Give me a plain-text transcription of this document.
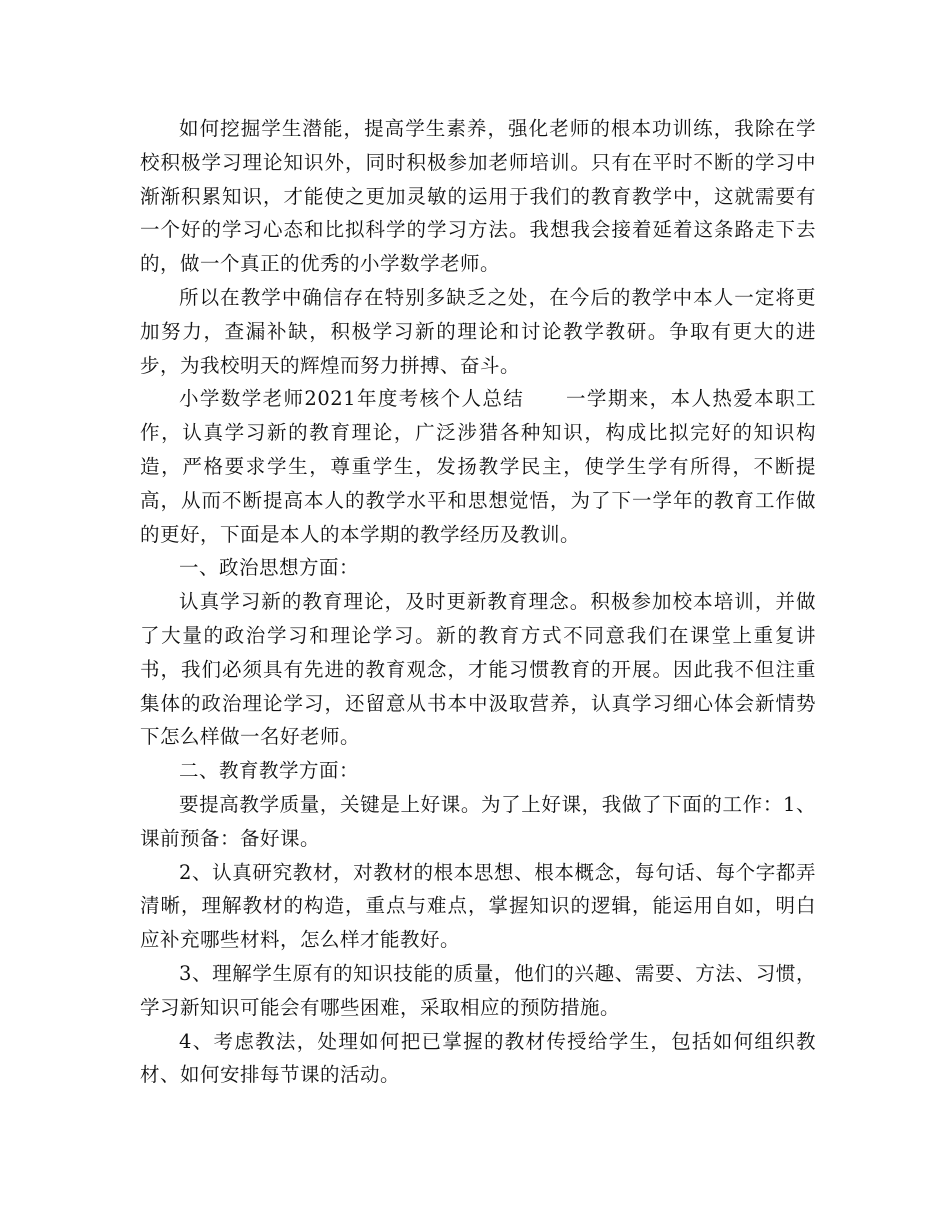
如何挖掘学生潜能，提高学生素养，强化老师的根本功训练，我除在学校积极学习理论知识外，同时积极参加老师培训。只有在平时不断的学习中渐渐积累知识，才能使之更加灵敏的运用于我们的教育教学中，这就需要有一个好的学习心态和比拟科学的学习方法。我想我会接着延着这条路走下去的，做一个真正的优秀的小学数学老师。

所以在教学中确信存在特别多缺乏之处，在今后的教学中本人一定将更加努力，查漏补缺，积极学习新的理论和讨论教学教研。争取有更大的进步，为我校明天的辉煌而努力拼搏、奋斗。

小学数学老师2021年度考核个人总结　　一学期来，本人热爱本职工作，认真学习新的教育理论，广泛涉猎各种知识，构成比拟完好的知识构造，严格要求学生，尊重学生，发扬教学民主，使学生学有所得，不断提高，从而不断提高本人的教学水平和思想觉悟，为了下一学年的教育工作做的更好，下面是本人的本学期的教学经历及教训。

一、政治思想方面：

认真学习新的教育理论，及时更新教育理念。积极参加校本培训，并做了大量的政治学习和理论学习。新的教育方式不同意我们在课堂上重复讲书，我们必须具有先进的教育观念，才能习惯教育的开展。因此我不但注重集体的政治理论学习，还留意从书本中汲取营养，认真学习细心体会新情势下怎么样做一名好老师。

二、教育教学方面：

要提高教学质量，关键是上好课。为了上好课，我做了下面的工作：1、课前预备：备好课。

2、认真研究教材，对教材的根本思想、根本概念，每句话、每个字都弄清晰，理解教材的构造，重点与难点，掌握知识的逻辑，能运用自如，明白应补充哪些材料，怎么样才能教好。

3、理解学生原有的知识技能的质量，他们的兴趣、需要、方法、习惯，学习新知识可能会有哪些困难，采取相应的预防措施。

4、考虑教法，处理如何把已掌握的教材传授给学生，包括如何组织教材、如何安排每节课的活动。
